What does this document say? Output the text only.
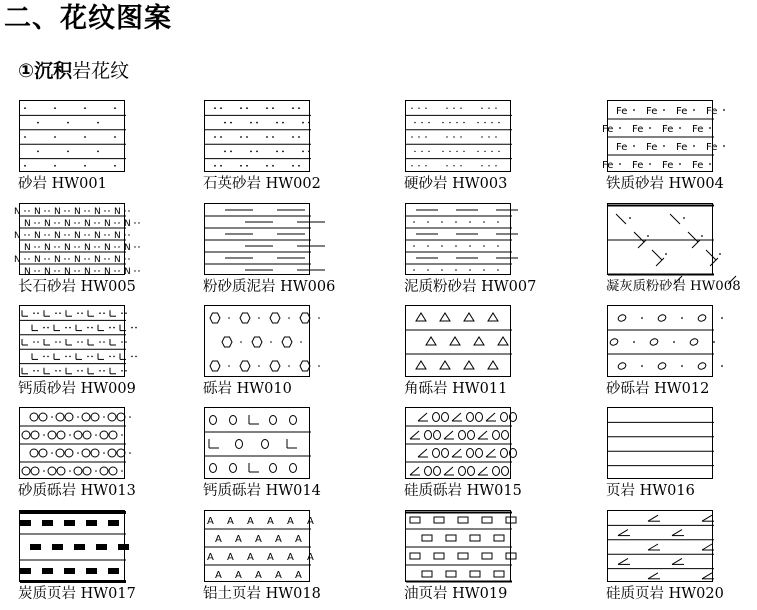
二、花纹图案
①沉积岩花纹
砂岩 HW001	石英砂岩 HW002	硬砂岩 HW003
Fe Fe Fe Fe
Fe Fe Fe Fe
Fe Fe Fe Fe
Fe Fe Fe Fe
铁质砂岩 HW004
N N N N N N
N N N N N N
N N N N N N
N N N N N N
N N N N N N
N N N N N N
长石砂岩 HW005	粉砂质泥岩 HW006	泥质粉砂岩 HW007	凝灰质粉砂岩 HW008
钙质砂岩 HW009	砾岩 HW010	角砾岩 HW011	砂砾岩 HW012
砂质砾岩 HW013	钙质砾岩 HW014	硅质砾岩 HW015	页岩 HW016
炭质页岩 HW017
A A A A A A
A A A A A
A A A A A A
A A A A A
铝土页岩 HW018	油页岩 HW019	硅质页岩 HW020
